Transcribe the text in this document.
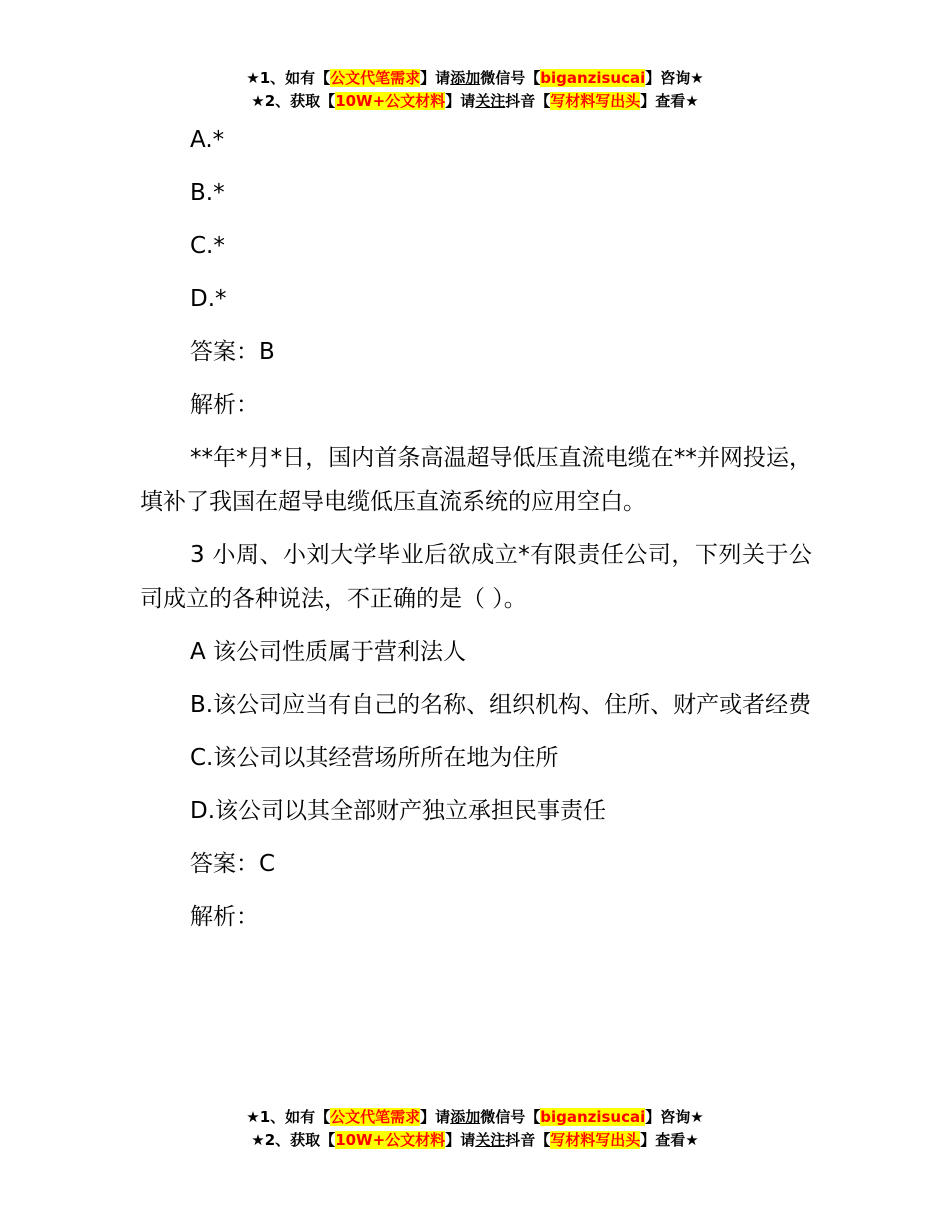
★1、如有【公文代笔需求】请添加微信号【biganzisucai】咨询★
★2、获取【10W+公文材料】请关注抖音【写材料写出头】查看★

A.*

B.*

C.*

D.*

答案：B

解析：

**年*月*日，国内首条高温超导低压直流电缆在**并网投运，填补了我国在超导电缆低压直流系统的应用空白。

3 小周、小刘大学毕业后欲成立*有限责任公司，下列关于公司成立的各种说法，不正确的是（ ）。

A 该公司性质属于营利法人

B.该公司应当有自己的名称、组织机构、住所、财产或者经费

C.该公司以其经营场所所在地为住所

D.该公司以其全部财产独立承担民事责任

答案：C

解析：

★1、如有【公文代笔需求】请添加微信号【biganzisucai】咨询★
★2、获取【10W+公文材料】请关注抖音【写材料写出头】查看★
